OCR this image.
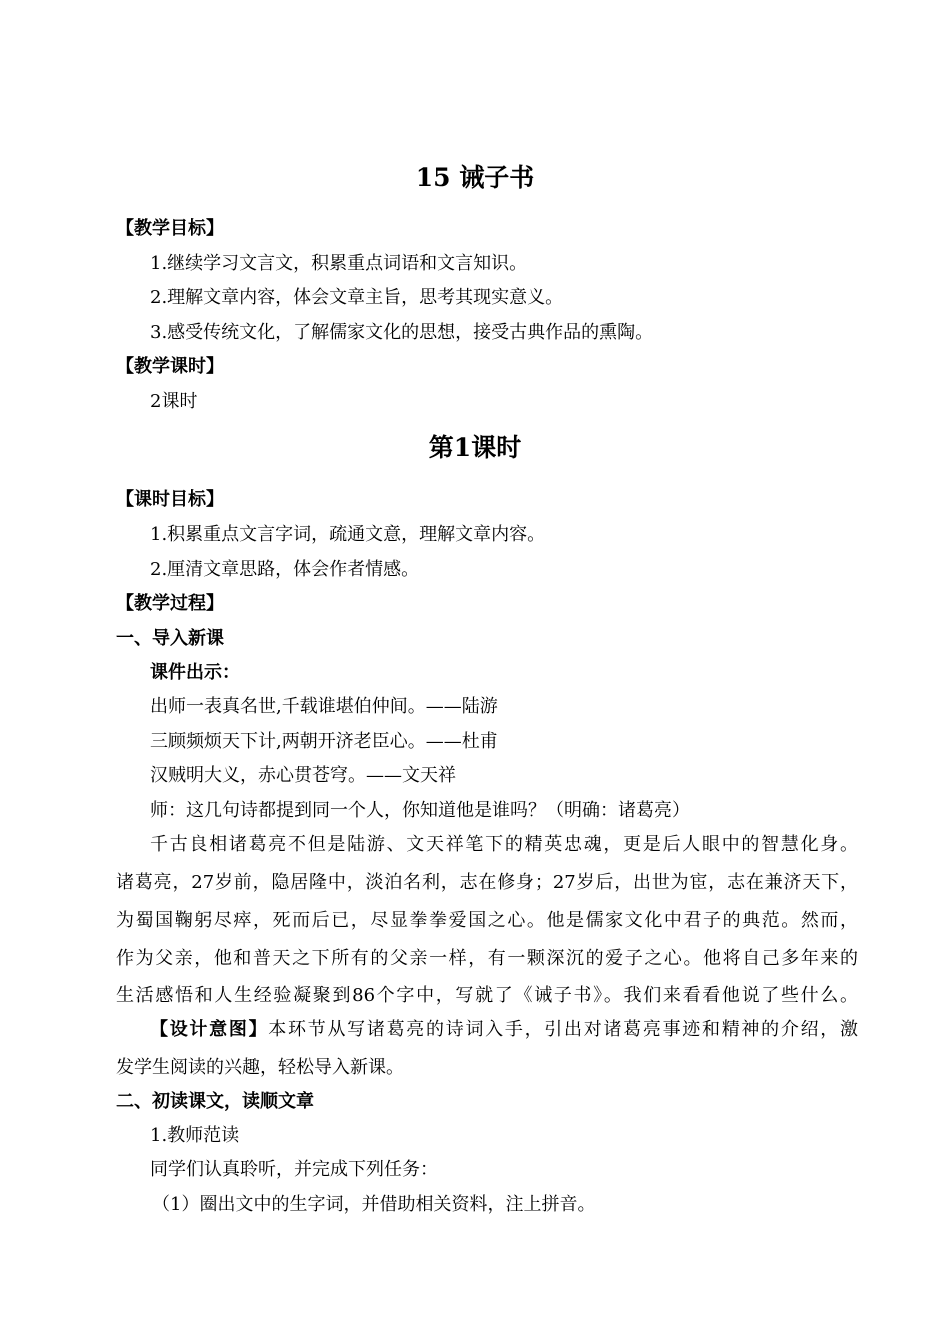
15 诫子书
【教学目标】
1.继续学习文言文，积累重点词语和文言知识。
2.理解文章内容，体会文章主旨，思考其现实意义。
3.感受传统文化，了解儒家文化的思想，接受古典作品的熏陶。
【教学课时】
2课时
第1课时
【课时目标】
1.积累重点文言字词，疏通文意，理解文章内容。
2.厘清文章思路，体会作者情感。
【教学过程】
一、导入新课
课件出示：
出师一表真名世,千载谁堪伯仲间。——陆游
三顾频烦天下计,两朝开济老臣心。——杜甫
汉贼明大义，赤心贯苍穹。——文天祥
师：这几句诗都提到同一个人，你知道他是谁吗？（明确：诸葛亮）
千古良相诸葛亮不但是陆游、文天祥笔下的精英忠魂，更是后人眼中的智慧化身。
诸葛亮，27岁前，隐居隆中，淡泊名利，志在修身；27岁后，出世为宦，志在兼济天下，
为蜀国鞠躬尽瘁，死而后已，尽显拳拳爱国之心。他是儒家文化中君子的典范。然而，
作为父亲，他和普天之下所有的父亲一样，有一颗深沉的爱子之心。他将自己多年来的
生活感悟和人生经验凝聚到86个字中，写就了《诫子书》。我们来看看他说了些什么。
【设计意图】本环节从写诸葛亮的诗词入手，引出对诸葛亮事迹和精神的介绍，激
发学生阅读的兴趣，轻松导入新课。
二、初读课文，读顺文章
1.教师范读
同学们认真聆听，并完成下列任务：
（1）圈出文中的生字词，并借助相关资料，注上拼音。
